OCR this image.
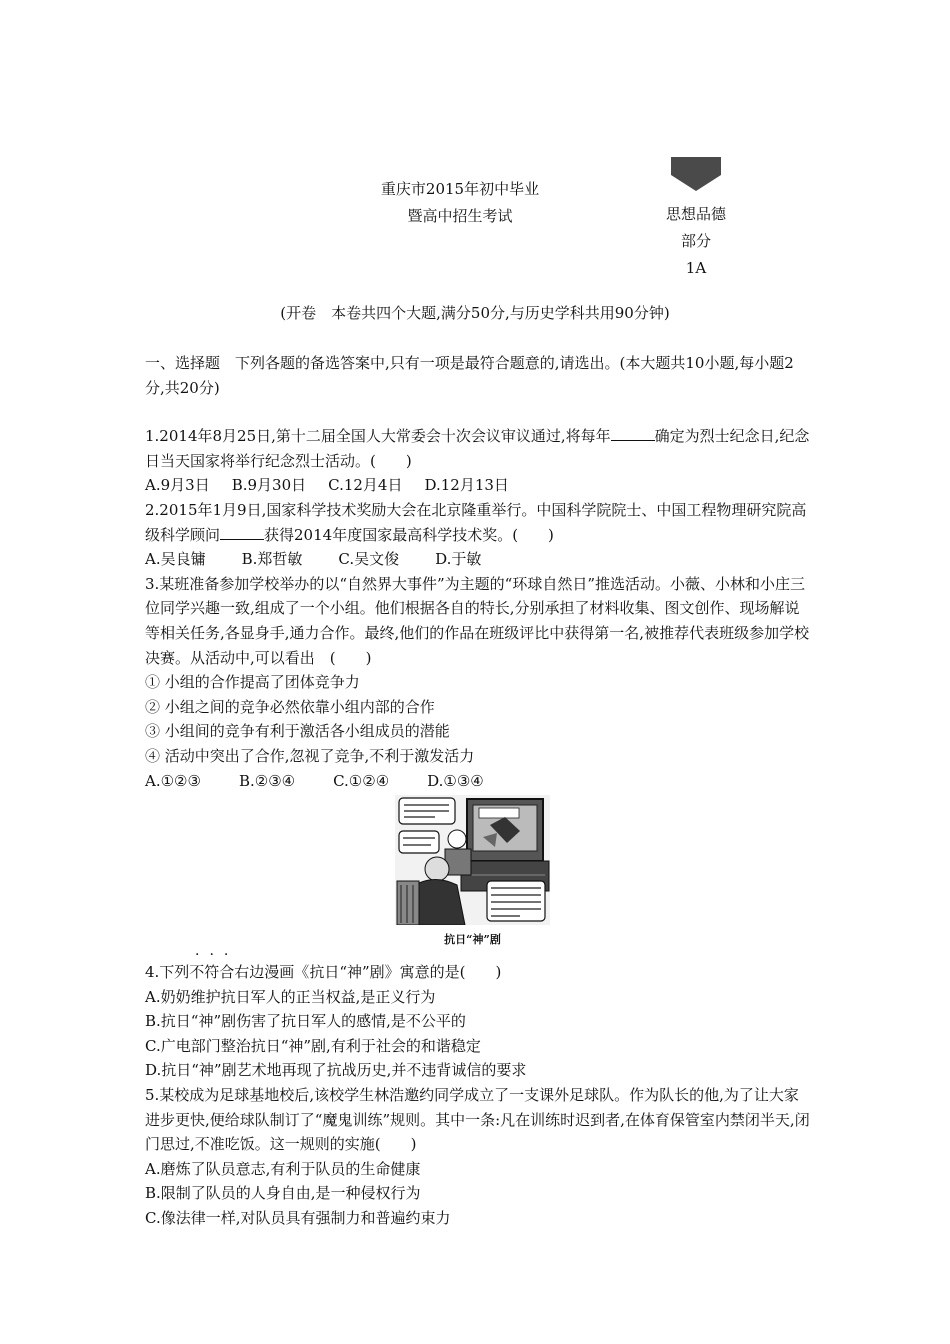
重庆市2015年初中毕业
暨高中招生考试	思想品德
部分
1A
(开卷　本卷共四个大题,满分50分,与历史学科共用90分钟)

一、选择题　下列各题的备选答案中,只有一项是最符合题意的,请选出。(本大题共10小题,每小题2分,共20分)

1.2014年8月25日,第十二届全国人大常委会十次会议审议通过,将每年	确定为烈士纪念日,纪念日当天国家将举行纪念烈士活动。(　　)

A.9月3日 B.9月30日 C.12月4日 D.12月13日

2.2015年1月9日,国家科学技术奖励大会在北京隆重举行。中国科学院院士、中国工程物理研究院高级科学顾问	获得2014年度国家最高科学技术奖。(　　)

A.吴良镛 B.郑哲敏 C.吴文俊 D.于敏

3.某班准备参加学校举办的以“自然界大事件”为主题的“环球自然日”推选活动。小薇、小林和小庄三位同学兴趣一致,组成了一个小组。他们根据各自的特长,分别承担了材料收集、图文创作、现场解说等相关任务,各显身手,通力合作。最终,他们的作品在班级评比中获得第一名,被推荐代表班级参加学校决赛。从活动中,可以看出　(　　)

① 小组的合作提高了团体竞争力

② 小组之间的竞争必然依靠小组内部的合作

③ 小组间的竞争有利于激活各小组成员的潜能

④ 活动中突出了合作,忽视了竞争,不利于激发活力

A.①②③	B.②③④	C.①②④	D.①③④

抗日“神”剧
...

4.下列不符合右边漫画《抗日“神”剧》寓意的是(　　)

A.奶奶维护抗日军人的正当权益,是正义行为

B.抗日“神”剧伤害了抗日军人的感情,是不公平的

C.广电部门整治抗日“神”剧,有利于社会的和谐稳定

D.抗日“神”剧艺术地再现了抗战历史,并不违背诚信的要求

5.某校成为足球基地校后,该校学生林浩邀约同学成立了一支课外足球队。作为队长的他,为了让大家进步更快,便给球队制订了“魔鬼训练”规则。其中一条:凡在训练时迟到者,在体育保管室内禁闭半天,闭门思过,不准吃饭。这一规则的实施(　　)

A.磨炼了队员意志,有利于队员的生命健康

B.限制了队员的人身自由,是一种侵权行为

C.像法律一样,对队员具有强制力和普遍约束力
